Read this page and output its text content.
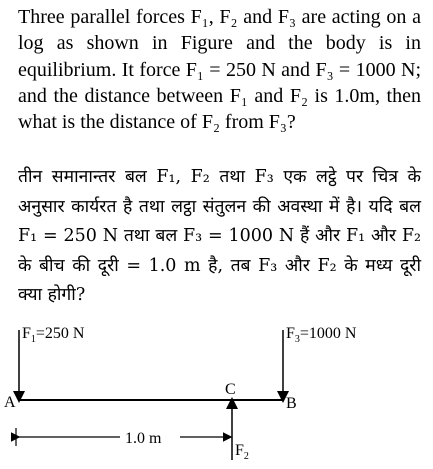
Three parallel forces F₁, F₂ and F₃ are acting on a log as shown in Figure and the body is in equilibrium. It force F₁ = 250 N and F₃ = 1000 N; and the distance between F₁ and F₂ is 1.0m, then what is the distance of F₂ from F₃?
तीन समानान्तर बल F₁, F₂ तथा F₃ एक लट्ठे पर चित्र के अनुसार कार्यरत है तथा लट्ठा संतुलन की अवस्था में है। यदि बल F₁ = 250 N तथा बल F₃ = 1000 N हैं और F₁ और F₂ के बीच की दूरी = 1.0 m है, तब F₃ और F₂ के मध्य दूरी क्या होगी?
$F_1=250$ N	$F_3=1000$ N
$F_2$
A	B
C
1.0 m
